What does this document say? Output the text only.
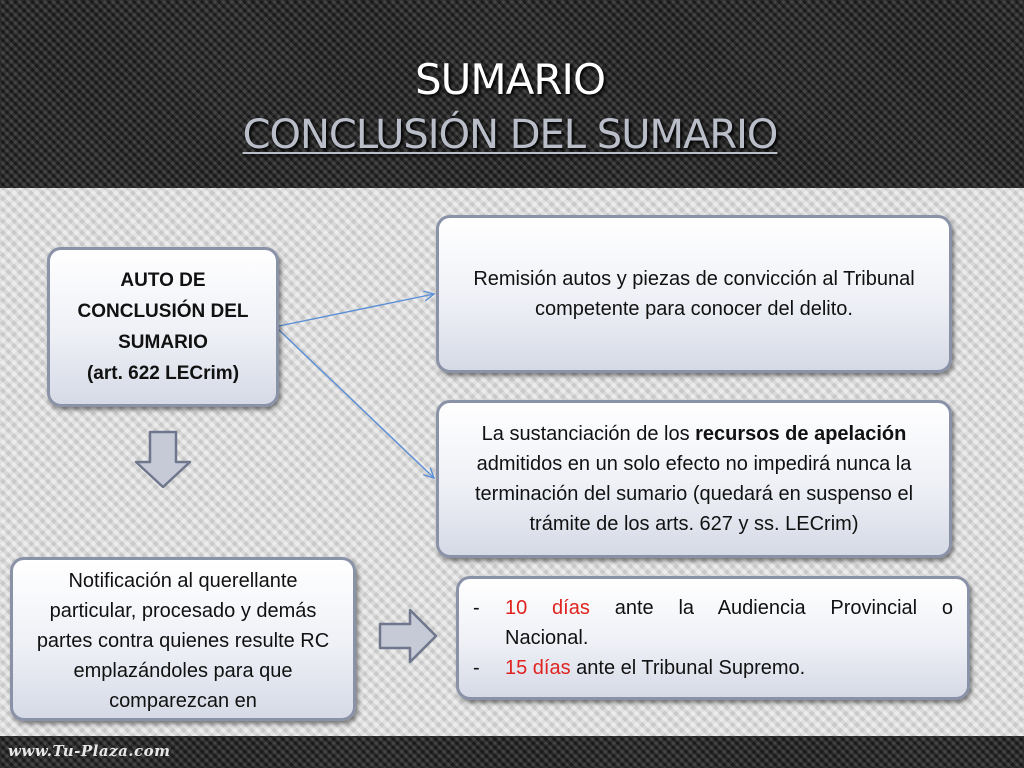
SUMARIO
CONCLUSIÓN DEL SUMARIO
AUTO DE
CONCLUSIÓN DEL
SUMARIO
(art. 622 LECrim)
Notificación al querellante particular, procesado y demás partes contra quienes resulte RC emplazándoles para que comparezcan en
Remisión autos y piezas de convicción al Tribunal competente para conocer del delito.
La sustanciación de los recursos de apelación admitidos en un solo efecto no impedirá nunca la terminación del sumario (quedará en suspenso el trámite de los arts. 627 y ss. LECrim)
- 10 días ante la Audiencia Provincial o
Nacional.
- 15 días ante el Tribunal Supremo.
www.Tu-Plaza.com
